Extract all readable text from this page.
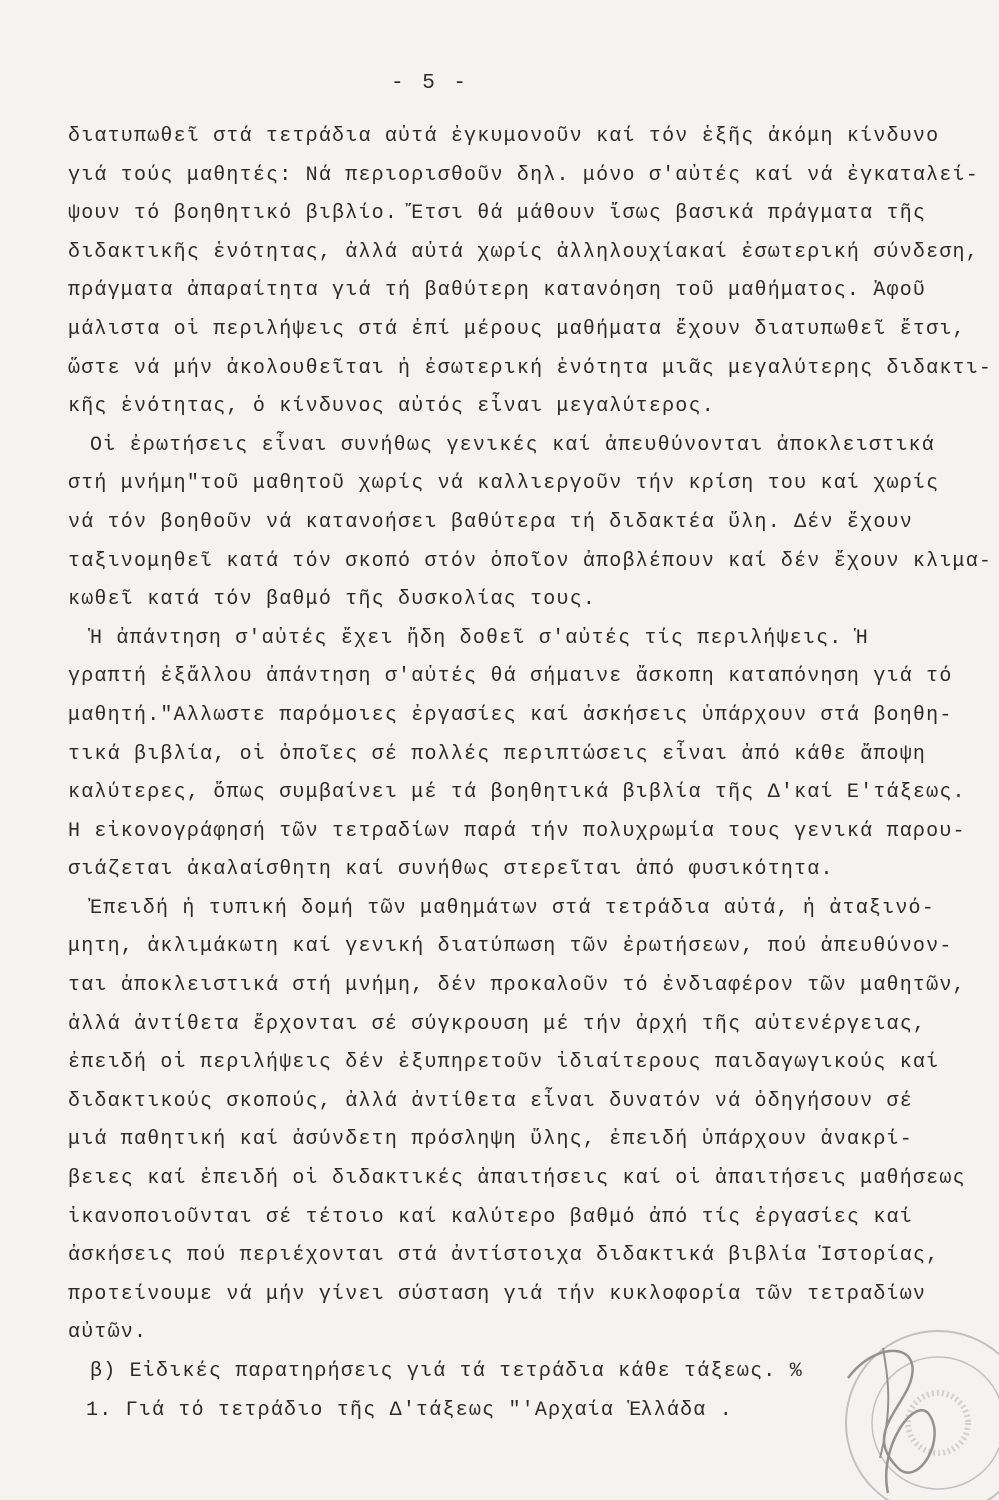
- 5 -
διατυπωθεῖ στά τετράδια αὐτά ἐγκυμονοῦν καί τόν ἑξῆς ἀκόμη κίνδυνο
γιά τούς μαθητές: Νά περιορισθοῦν δηλ. μόνο σ'αὐτές καί νά ἐγκαταλεί-
ψουν τό βοηθητικό βιβλίο. Ἔτσι θά μάθουν ἴσως βασικά πράγματα τῆς
διδακτικῆς ἑνότητας, ἀλλά αὐτά χωρίς ἀλληλουχίακαί ἐσωτερική σύνδεση,
πράγματα ἀπαραίτητα γιά τή βαθύτερη κατανόηση τοῦ μαθήματος. Ἀφοῦ
μάλιστα οἱ περιλήψεις στά ἐπί μέρους μαθήματα ἔχουν διατυπωθεῖ ἔτσι,
ὥστε νά μήν ἀκολουθεῖται ἡ ἐσωτερική ἑνότητα μιᾶς μεγαλύτερης διδακτι-
κῆς ἑνότητας, ὁ κίνδυνος αὐτός εἶναι μεγαλύτερος.
Οἱ ἐρωτήσεις εἶναι συνήθως γενικές καί ἀπευθύνονται ἀποκλειστικά
στή μνήμη"τοῦ μαθητοῦ χωρίς νά καλλιεργοῦν τήν κρίση του καί χωρίς
νά τόν βοηθοῦν νά κατανοήσει βαθύτερα τή διδακτέα ὕλη. Δέν ἔχουν
ταξινομηθεῖ κατά τόν σκοπό στόν ὁποῖον ἀποβλέπουν καί δέν ἔχουν κλιμα-
κωθεῖ κατά τόν βαθμό τῆς δυσκολίας τους.
Ἡ ἀπάντηση σ'αὐτές ἔχει ἤδη δοθεῖ σ'αὐτές τίς περιλήψεις. Ἡ
γραπτή ἐξἄλλου ἀπάντηση σ'αὐτές θά σήμαινε ἄσκοπη καταπόνηση γιά τό
μαθητή."Αλλωστε παρόμοιες ἐργασίες καί ἀσκήσεις ὑπάρχουν στά βοηθη-
τικά βιβλία, οἱ ὁποῖες σέ πολλές περιπτώσεις εἶναι ἀπό κάθε ἄποψη
καλύτερες, ὅπως συμβαίνει μέ τά βοηθητικά βιβλία τῆς Δ'καί Ε'τάξεως.
Ἡ εἰκονογράφησή τῶν τετραδίων παρά τήν πολυχρωμία τους γενικά παρου-
σιάζεται ἀκαλαίσθητη καί συνήθως στερεῖται ἀπό φυσικότητα.
Ἐπειδή ἡ τυπική δομή τῶν μαθημάτων στά τετράδια αὐτά, ἡ ἀταξινό-
μητη, ἀκλιμάκωτη καί γενική διατύπωση τῶν ἐρωτήσεων, πού ἀπευθύνον-
ται ἀποκλειστικά στή μνήμη, δέν προκαλοῦν τό ἐνδιαφέρον τῶν μαθητῶν,
ἀλλά ἀντίθετα ἔρχονται σέ σύγκρουση μέ τήν ἀρχή τῆς αὐτενέργειας,
ἐπειδή οἱ περιλήψεις δέν ἐξυπηρετοῦν ἰδιαίτερους παιδαγωγικούς καί
διδακτικούς σκοπούς, ἀλλά ἀντίθετα εἶναι δυνατόν νά ὁδηγήσουν σέ
μιά παθητική καί ἀσύνδετη πρόσληψη ὕλης, ἐπειδή ὑπάρχουν ἀνακρί-
βειες καί ἐπειδή οἱ διδακτικές ἀπαιτήσεις καί οἱ ἀπαιτήσεις μαθήσεως
ἱκανοποιοῦνται σέ τέτοιο καί καλύτερο βαθμό ἀπό τίς ἐργασίες καί
ἀσκήσεις πού περιέχονται στά ἀντίστοιχα διδακτικά βιβλία Ἱστορίας,
προτείνουμε νά μήν γίνει σύσταση γιά τήν κυκλοφορία τῶν τετραδίων
αὐτῶν.
β) Εἰδικές παρατηρήσεις γιά τά τετράδια κάθε τάξεως. %
1. Γιά τό τετράδιο τῆς Δ'τάξεως "'Αρχαία Ἑλλάδα .
